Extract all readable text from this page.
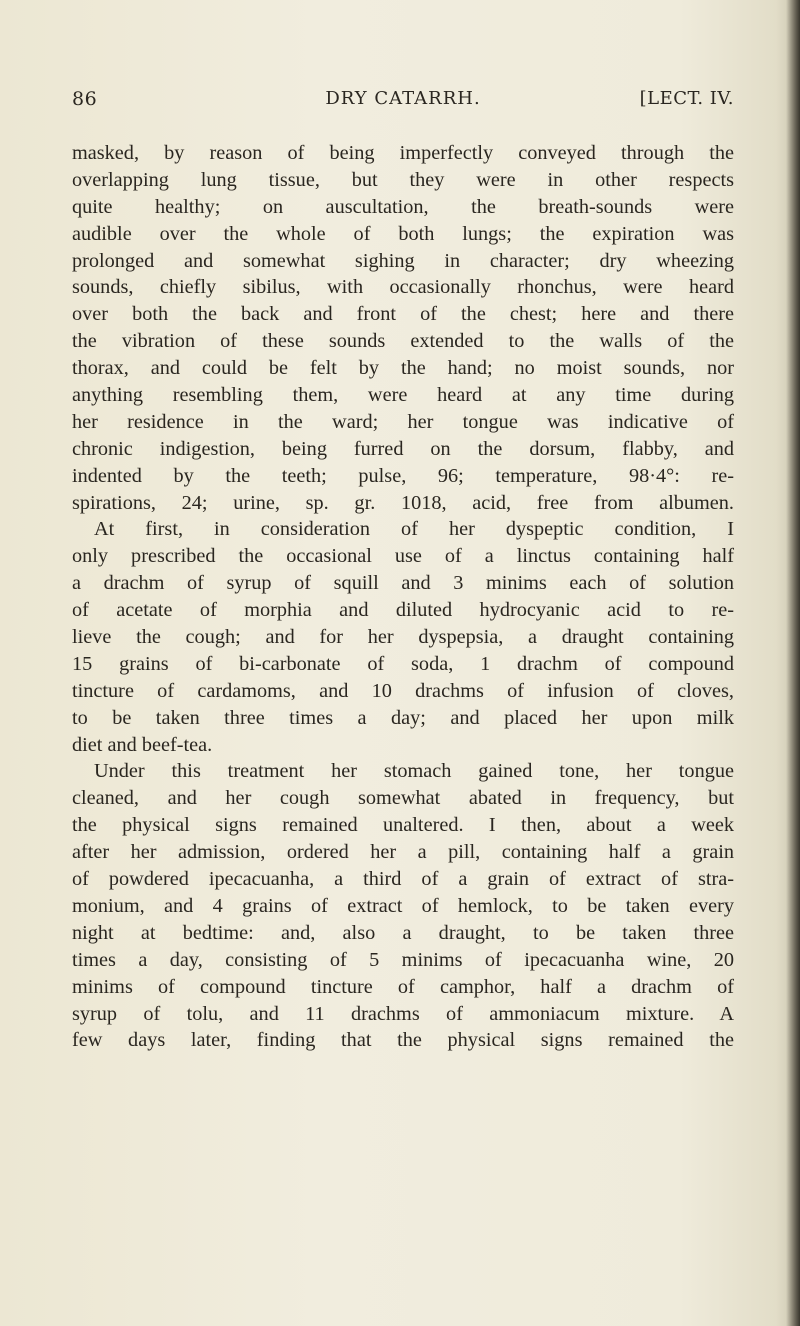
86	DRY CATARRH.	[LECT. IV.
masked, by reason of being imperfectly conveyed through the
overlapping lung tissue, but they were in other respects
quite healthy; on auscultation, the breath-sounds were
audible over the whole of both lungs; the expiration was
prolonged and somewhat sighing in character; dry wheezing
sounds, chiefly sibilus, with occasionally rhonchus, were heard
over both the back and front of the chest; here and there
the vibration of these sounds extended to the walls of the
thorax, and could be felt by the hand; no moist sounds, nor
anything resembling them, were heard at any time during
her residence in the ward; her tongue was indicative of
chronic indigestion, being furred on the dorsum, flabby, and
indented by the teeth; pulse, 96; temperature, 98·4°: re-
spirations, 24; urine, sp. gr. 1018, acid, free from albumen.
At first, in consideration of her dyspeptic condition, I
only prescribed the occasional use of a linctus containing half
a drachm of syrup of squill and 3 minims each of solution
of acetate of morphia and diluted hydrocyanic acid to re-
lieve the cough; and for her dyspepsia, a draught containing
15 grains of bi-carbonate of soda, 1 drachm of compound
tincture of cardamoms, and 10 drachms of infusion of cloves,
to be taken three times a day; and placed her upon milk
diet and beef-tea.
Under this treatment her stomach gained tone, her tongue
cleaned, and her cough somewhat abated in frequency, but
the physical signs remained unaltered. I then, about a week
after her admission, ordered her a pill, containing half a grain
of powdered ipecacuanha, a third of a grain of extract of stra-
monium, and 4 grains of extract of hemlock, to be taken every
night at bedtime: and, also a draught, to be taken three
times a day, consisting of 5 minims of ipecacuanha wine, 20
minims of compound tincture of camphor, half a drachm of
syrup of tolu, and 11 drachms of ammoniacum mixture. A
few days later, finding that the physical signs remained the
